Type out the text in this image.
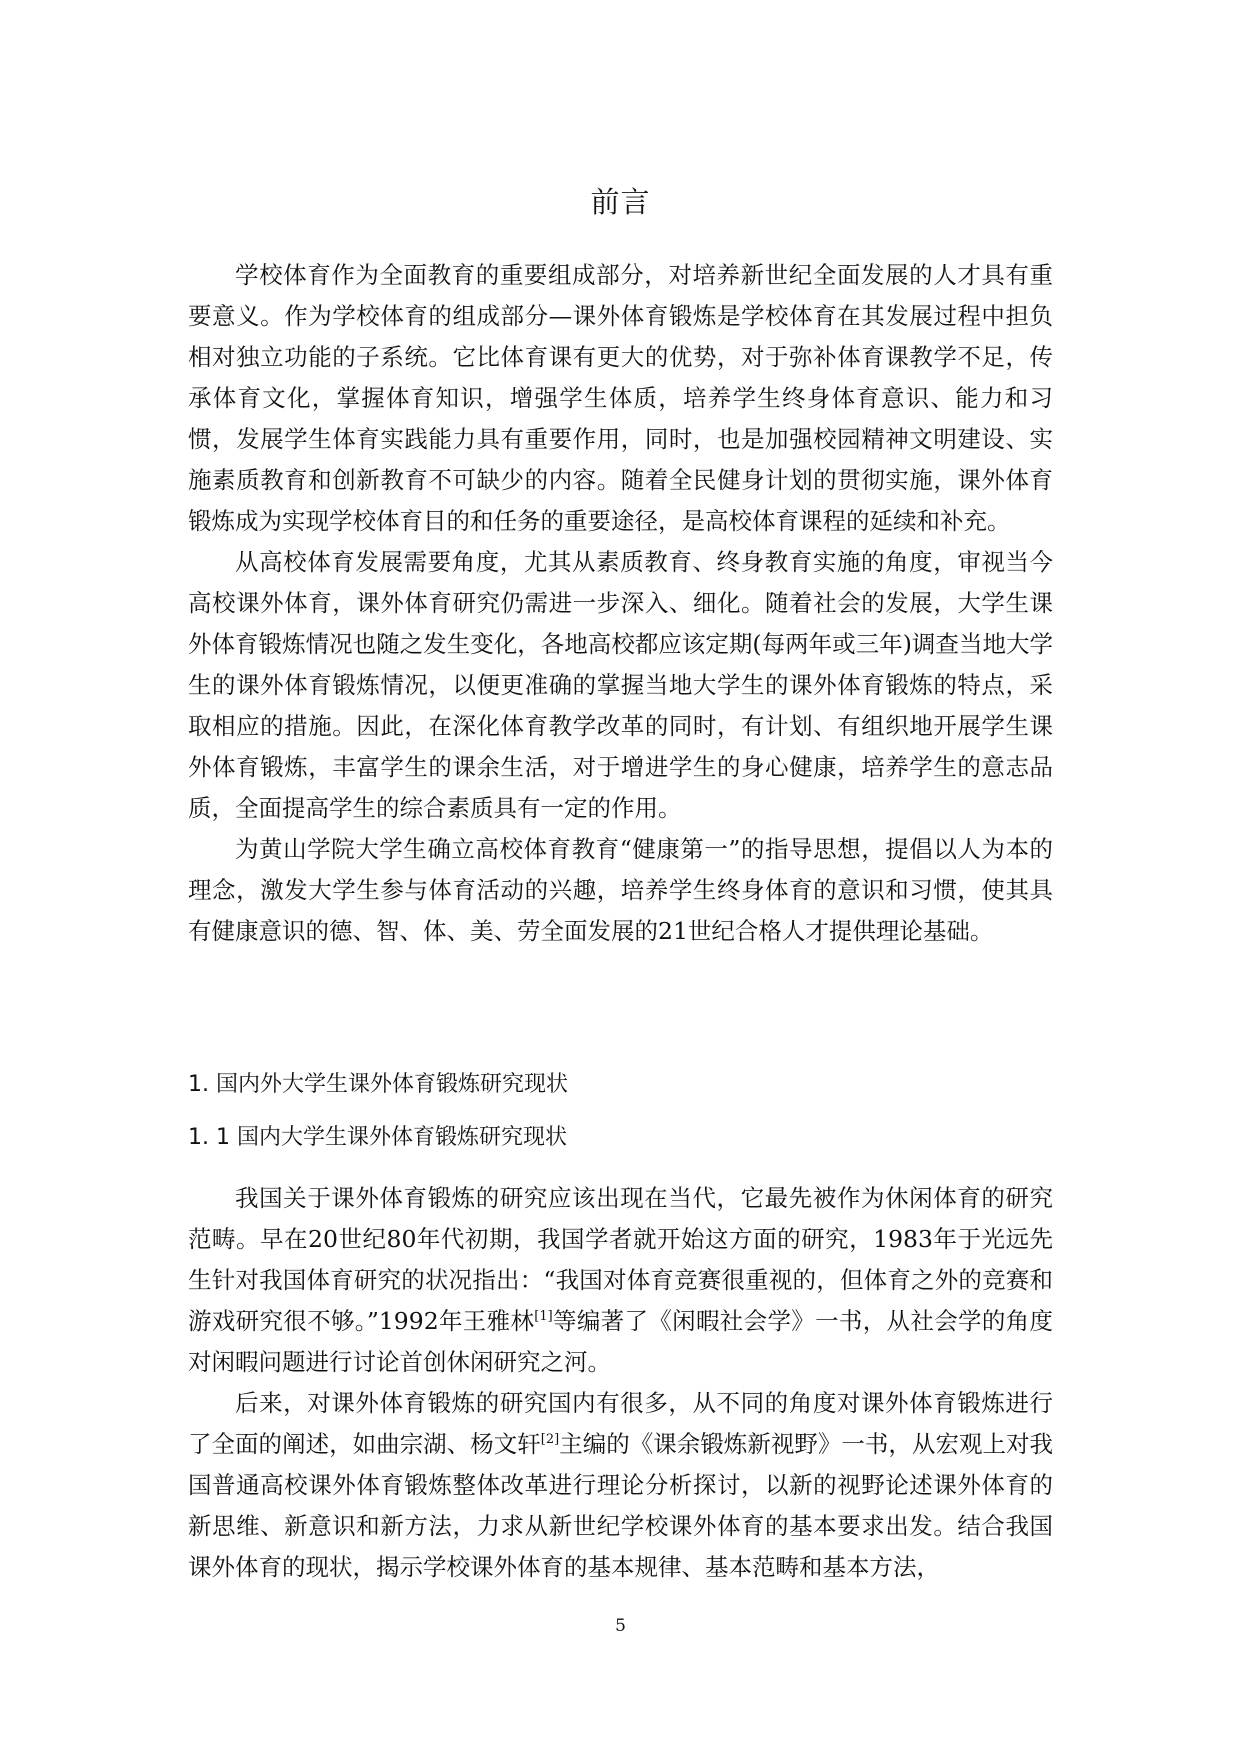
前言

学校体育作为全面教育的重要组成部分，对培养新世纪全面发展的人才具有重要意义。作为学校体育的组成部分—课外体育锻炼是学校体育在其发展过程中担负相对独立功能的子系统。它比体育课有更大的优势，对于弥补体育课教学不足，传承体育文化，掌握体育知识，增强学生体质，培养学生终身体育意识、能力和习惯，发展学生体育实践能力具有重要作用，同时，也是加强校园精神文明建设、实施素质教育和创新教育不可缺少的内容。随着全民健身计划的贯彻实施，课外体育锻炼成为实现学校体育目的和任务的重要途径，是高校体育课程的延续和补充。

从高校体育发展需要角度，尤其从素质教育、终身教育实施的角度，审视当今高校课外体育，课外体育研究仍需进一步深入、细化。随着社会的发展，大学生课外体育锻炼情况也随之发生变化，各地高校都应该定期(每两年或三年)调查当地大学生的课外体育锻炼情况，以便更准确的掌握当地大学生的课外体育锻炼的特点，采取相应的措施。因此，在深化体育教学改革的同时，有计划、有组织地开展学生课外体育锻炼，丰富学生的课余生活，对于增进学生的身心健康，培养学生的意志品质，全面提高学生的综合素质具有一定的作用。

为黄山学院大学生确立高校体育教育“健康第一”的指导思想，提倡以人为本的理念，激发大学生参与体育活动的兴趣，培养学生终身体育的意识和习惯，使其具有健康意识的德、智、体、美、劳全面发展的21世纪合格人才提供理论基础。

1. 国内外大学生课外体育锻炼研究现状
1. 1 国内大学生课外体育锻炼研究现状

我国关于课外体育锻炼的研究应该出现在当代，它最先被作为休闲体育的研究范畴。早在20世纪80年代初期，我国学者就开始这方面的研究，1983年于光远先生针对我国体育研究的状况指出：“我国对体育竞赛很重视的，但体育之外的竞赛和游戏研究很不够。”1992年王雅林[1]等编著了《闲暇社会学》一书，从社会学的角度对闲暇问题进行讨论首创休闲研究之河。

后来，对课外体育锻炼的研究国内有很多，从不同的角度对课外体育锻炼进行了全面的阐述，如曲宗湖、杨文轩[2]主编的《课余锻炼新视野》一书，从宏观上对我国普通高校课外体育锻炼整体改革进行理论分析探讨，以新的视野论述课外体育的新思维、新意识和新方法，力求从新世纪学校课外体育的基本要求出发。结合我国课外体育的现状，揭示学校课外体育的基本规律、基本范畴和基本方法，

5
